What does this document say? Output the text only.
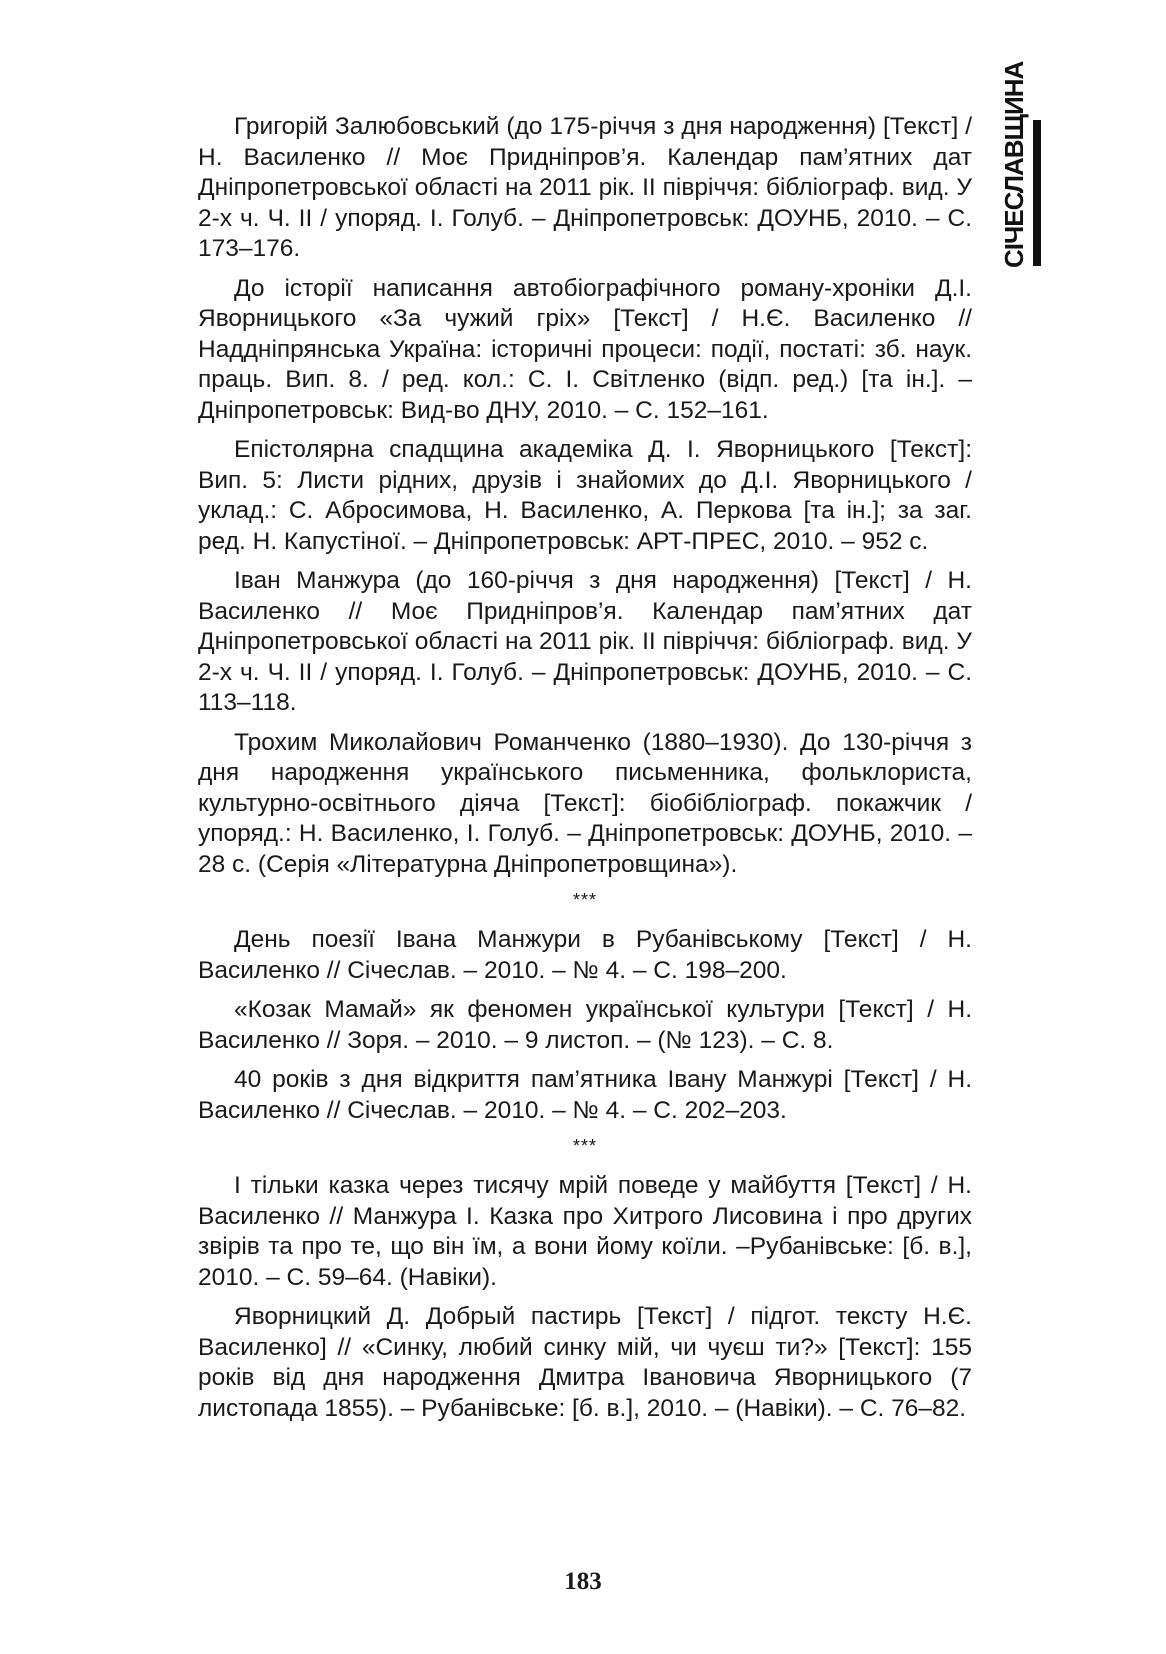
СІЧЕСЛАВЩИНА

Григорій Залюбовський (до 175-річчя з дня народження) [Текст] / Н. Василенко // Моє Придніпров’я. Календар пам’ятних дат Дніпропетровської області на 2011 рік. ІІ півріччя: бібліограф. вид. У 2-х ч. Ч. ІІ / упоряд. І. Голуб. – Дніпропетровськ: ДОУНБ, 2010. – С. 173–176.

До історії написання автобіографічного роману-хроніки Д.І. Яворницького «За чужий гріх» [Текст] / Н.Є. Василенко // Наддніпрянська Україна: історичні процеси: події, постаті: зб. наук. праць. Вип. 8. / ред. кол.: С. І. Світленко (відп. ред.) [та ін.]. – Дніпропетровськ: Вид-во ДНУ, 2010. – С. 152–161.

Епістолярна спадщина академіка Д. І. Яворницького [Текст]: Вип. 5: Листи рідних, друзів і знайомих до Д.І. Яворницького / уклад.: С. Абросимова, Н. Василенко, А. Перкова [та ін.]; за заг. ред. Н. Капустіної. – Дніпропетровськ: АРТ-ПРЕС, 2010. – 952 с.

Іван Манжура (до 160-річчя з дня народження) [Текст] / Н. Василенко // Моє Придніпров’я. Календар пам’ятних дат Дніпропетровської області на 2011 рік. ІІ півріччя: бібліограф. вид. У 2-х ч. Ч. ІІ / упоряд. І. Голуб. – Дніпропетровськ: ДОУНБ, 2010. – С. 113–118.

Трохим Миколайович Романченко (1880–1930). До 130-річчя з дня народження українського письменника, фольклориста, культурно-освітнього діяча [Текст]: біобібліограф. покажчик / упоряд.: Н. Василенко, І. Голуб. – Дніпропетровськ: ДОУНБ, 2010. – 28 с. (Серія «Літературна Дніпропетровщина»).

***

День поезії Івана Манжури в Рубанівському [Текст] / Н. Василенко // Січеслав. – 2010. – № 4. – С. 198–200.

«Козак Мамай» як феномен української культури [Текст] / Н. Василенко // Зоря. – 2010. – 9 листоп. – (№ 123). – С. 8.

40 років з дня відкриття пам’ятника Івану Манжурі [Текст] / Н. Василенко // Січеслав. – 2010. – № 4. – С. 202–203.

***

І тільки казка через тисячу мрій поведе у майбуття [Текст] / Н. Василенко // Манжура І. Казка про Хитрого Лисовина і про других звірів та про те, що він їм, а вони йому коїли. –Рубанівське: [б. в.], 2010. – С. 59–64. (Навіки).

Яворницкий Д. Добрый пастирь [Текст] / підгот. тексту Н.Є. Василенко] // «Синку, любий синку мій, чи чуєш ти?» [Текст]: 155 років від дня народження Дмитра Івановича Яворницького (7 листопада 1855). – Рубанівське: [б. в.], 2010. – (Навіки). – С. 76–82.

183
